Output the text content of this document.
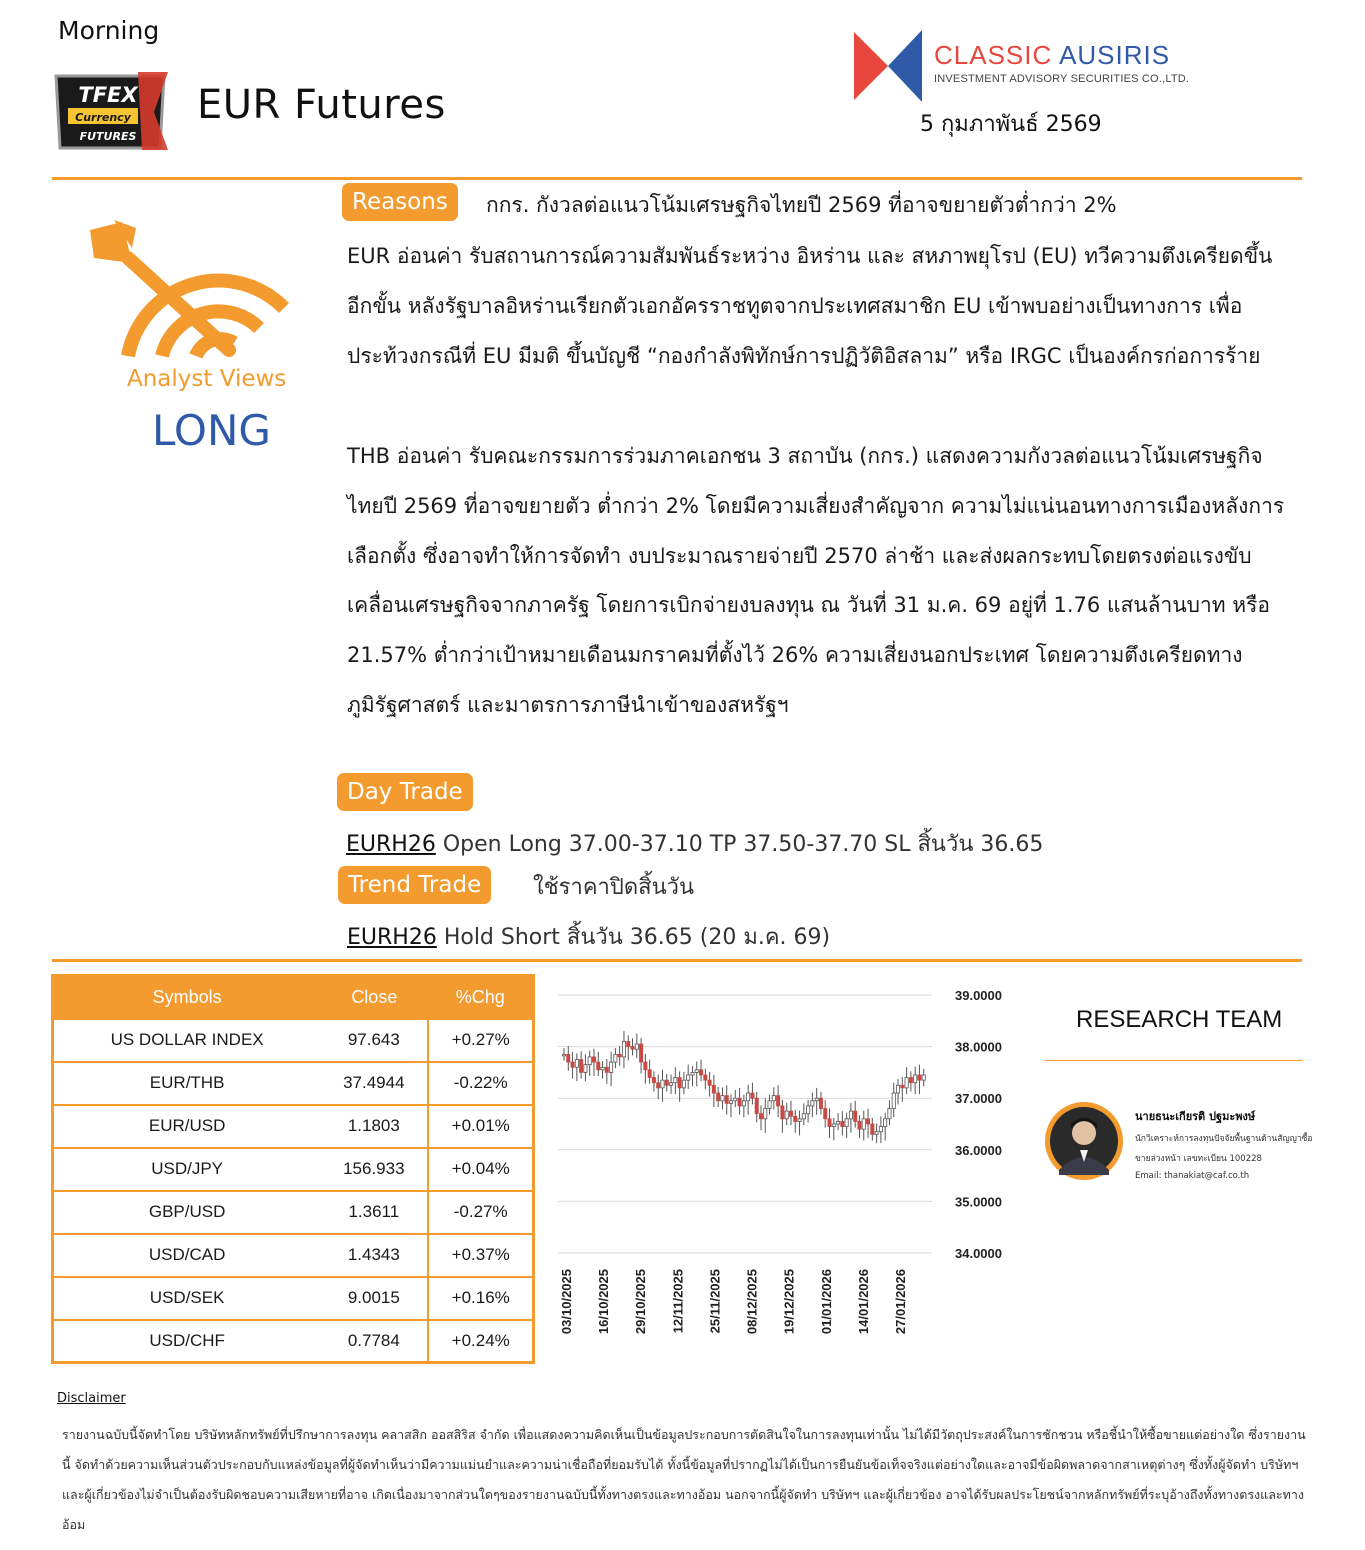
Morning
TFEX
Currency
FUTURES
EUR Futures
CLASSIC AUSIRIS
INVESTMENT ADVISORY SECURITIES CO.,LTD.
5 กุมภาพันธ์ 2569
Analyst Views
LONG
Reasons	กกร. กังวลต่อแนวโน้มเศรษฐกิจไทยปี 2569 ที่อาจขยายตัวต่ำกว่า 2%
EUR อ่อนค่า รับสถานการณ์ความสัมพันธ์ระหว่าง อิหร่าน และ สหภาพยุโรป (EU) ทวีความตึงเครียดขึ้นอีกขั้น หลังรัฐบาลอิหร่านเรียกตัวเอกอัครราชทูตจากประเทศสมาชิก EU เข้าพบอย่างเป็นทางการ เพื่อประท้วงกรณีที่ EU มีมติ ขึ้นบัญชี “กองกำลังพิทักษ์การปฏิวัติอิสลาม” หรือ IRGC เป็นองค์กรก่อการร้าย
THB อ่อนค่า รับคณะกรรมการร่วมภาคเอกชน 3 สถาบัน (กกร.) แสดงความกังวลต่อแนวโน้มเศรษฐกิจไทยปี 2569 ที่อาจขยายตัว ต่ำกว่า 2% โดยมีความเสี่ยงสำคัญจาก ความไม่แน่นอนทางการเมืองหลังการเลือกตั้ง ซึ่งอาจทำให้การจัดทำ งบประมาณรายจ่ายปี 2570 ล่าช้า และส่งผลกระทบโดยตรงต่อแรงขับเคลื่อนเศรษฐกิจจากภาครัฐ โดยการเบิกจ่ายงบลงทุน ณ วันที่ 31 ม.ค. 69 อยู่ที่ 1.76 แสนล้านบาท หรือ 21.57% ต่ำกว่าเป้าหมายเดือนมกราคมที่ตั้งไว้ 26% ความเสี่ยงนอกประเทศ โดยความตึงเครียดทางภูมิรัฐศาสตร์ และมาตรการภาษีนำเข้าของสหรัฐฯ
Day Trade
EURH26 Open Long 37.00-37.10 TP 37.50-37.70 SL สิ้นวัน 36.65
Trend Trade	ใช้ราคาปิดสิ้นวัน
EURH26 Hold Short สิ้นวัน 36.65 (20 ม.ค. 69)
Symbols	Close	%Chg
US DOLLAR INDEX	97.643	+0.27%
EUR/THB	37.4944	-0.22%
EUR/USD	1.1803	+0.01%
USD/JPY	156.933	+0.04%
GBP/USD	1.3611	-0.27%
USD/CAD	1.4343	+0.37%
USD/SEK	9.0015	+0.16%
USD/CHF	0.7784	+0.24%
39.0000
38.0000
37.0000
36.0000
35.0000
34.0000
03/10/2025 16/10/2025 29/10/2025 12/11/2025 25/11/2025 08/12/2025 19/12/2025 01/01/2026 14/01/2026 27/01/2026
RESEARCH TEAM
นายธนะเกียรติ ปฐมะพงษ์
นักวิเคราะห์การลงทุนปัจจัยพื้นฐานด้านสัญญาซื้อ
ขายล่วงหน้า เลขทะเบียน 100228
Email: thanakiat@caf.co.th
Disclaimer
รายงานฉบับนี้จัดทำโดย บริษัทหลักทรัพย์ที่ปรึกษาการลงทุน คลาสสิก ออสสิริส จำกัด เพื่อแสดงความคิดเห็นเป็นข้อมูลประกอบการตัดสินใจในการลงทุนเท่านั้น ไม่ได้มีวัตถุประสงค์ในการชักชวน หรือชี้นำให้ซื้อขายแต่อย่างใด ซึ่งรายงานนี้ จัดทำด้วยความเห็นส่วนตัวประกอบกับแหล่งข้อมูลที่ผู้จัดทำเห็นว่ามีความแม่นยำและความน่าเชื่อถือที่ยอมรับได้ ทั้งนี้ข้อมูลที่ปรากฏไม่ได้เป็นการยืนยันข้อเท็จจริงแต่อย่างใดและอาจมีข้อผิดพลาดจากสาเหตุต่างๆ ซึ่งทั้งผู้จัดทำ บริษัทฯ และผู้เกี่ยวข้องไม่จำเป็นต้องรับผิดชอบความเสียหายที่อาจ เกิดเนื่องมาจากส่วนใดๆของรายงานฉบับนี้ทั้งทางตรงและทางอ้อม นอกจากนี้ผู้จัดทำ บริษัทฯ และผู้เกี่ยวข้อง อาจได้รับผลประโยชน์จากหลักทรัพย์ที่ระบุอ้างถึงทั้งทางตรงและทางอ้อม
